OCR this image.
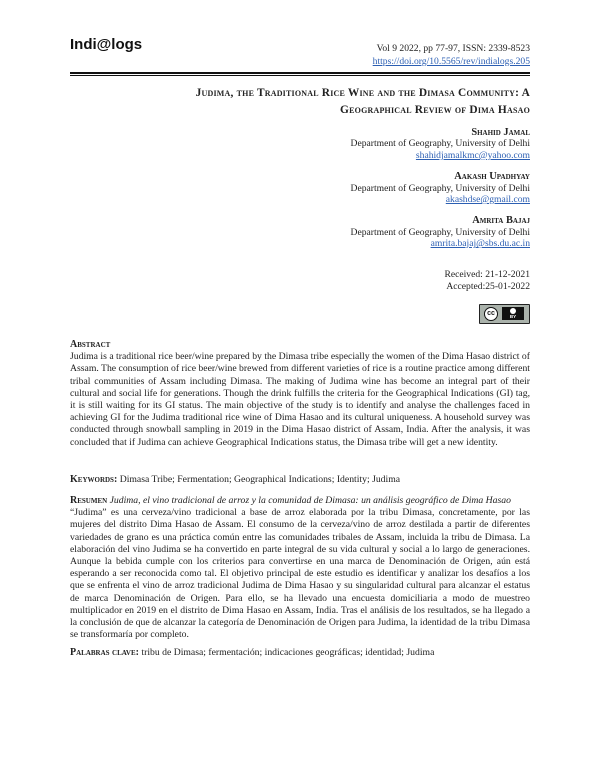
Indi@logs	Vol 9 2022, pp 77-97, ISSN: 2339-8523
https://doi.org/10.5565/rev/indialogs.205
Judima, the Traditional Rice Wine and the Dimasa Community: A
Geographical Review of Dima Hasao
Shahid Jamal
Department of Geography, University of Delhi
shahidjamalkmc@yahoo.com
Aakash Upadhyay
Department of Geography, University of Delhi
akashdse@gmail.com
Amrita Bajaj
Department of Geography, University of Delhi
amrita.bajaj@sbs.du.ac.in
Received: 21-12-2021
Accepted:25-01-2022
cc	BY
Abstract
Judima is a traditional rice beer/wine prepared by the Dimasa tribe especially the women of the Dima Hasao district of Assam. The consumption of rice beer/wine brewed from different varieties of rice is a routine practice among different tribal communities of Assam including Dimasa. The making of Judima wine has become an integral part of their cultural and social life for generations. Though the drink fulfills the criteria for the Geographical Indications (GI) tag, it is still waiting for its GI status. The main objective of the study is to identify and analyse the challenges faced in achieving GI for the Judima traditional rice wine of Dima Hasao and its cultural uniqueness. A household survey was conducted through snowball sampling in 2019 in the Dima Hasao district of Assam, India. After the analysis, it was concluded that if Judima can achieve Geographical Indications status, the Dimasa tribe will get a new identity.
Keywords: Dimasa Tribe; Fermentation; Geographical Indications; Identity; Judima
Resumen Judima, el vino tradicional de arroz y la comunidad de Dimasa: un análisis geográfico de Dima Hasao
“Judima” es una cerveza/vino tradicional a base de arroz elaborada por la tribu Dimasa, concretamente, por las mujeres del distrito Dima Hasao de Assam. El consumo de la cerveza/vino de arroz destilada a partir de diferentes variedades de grano es una práctica común entre las comunidades tribales de Assam, incluida la tribu de Dimasa. La elaboración del vino Judima se ha convertido en parte integral de su vida cultural y social a lo largo de generaciones. Aunque la bebida cumple con los criterios para convertirse en una marca de Denominación de Origen, aún está esperando a ser reconocida como tal. El objetivo principal de este estudio es identificar y analizar los desafíos a los que se enfrenta el vino de arroz tradicional Judima de Dima Hasao y su singularidad cultural para alcanzar el estatus de marca Denominación de Origen. Para ello, se ha llevado una encuesta domiciliaria a modo de muestreo multiplicador en 2019 en el distrito de Dima Hasao en Assam, India. Tras el análisis de los resultados, se ha llegado a la conclusión de que de alcanzar la categoría de Denominación de Origen para Judima, la identidad de la tribu Dimasa se transformaría por completo.
Palabras clave: tribu de Dimasa; fermentación; indicaciones geográficas; identidad; Judima
